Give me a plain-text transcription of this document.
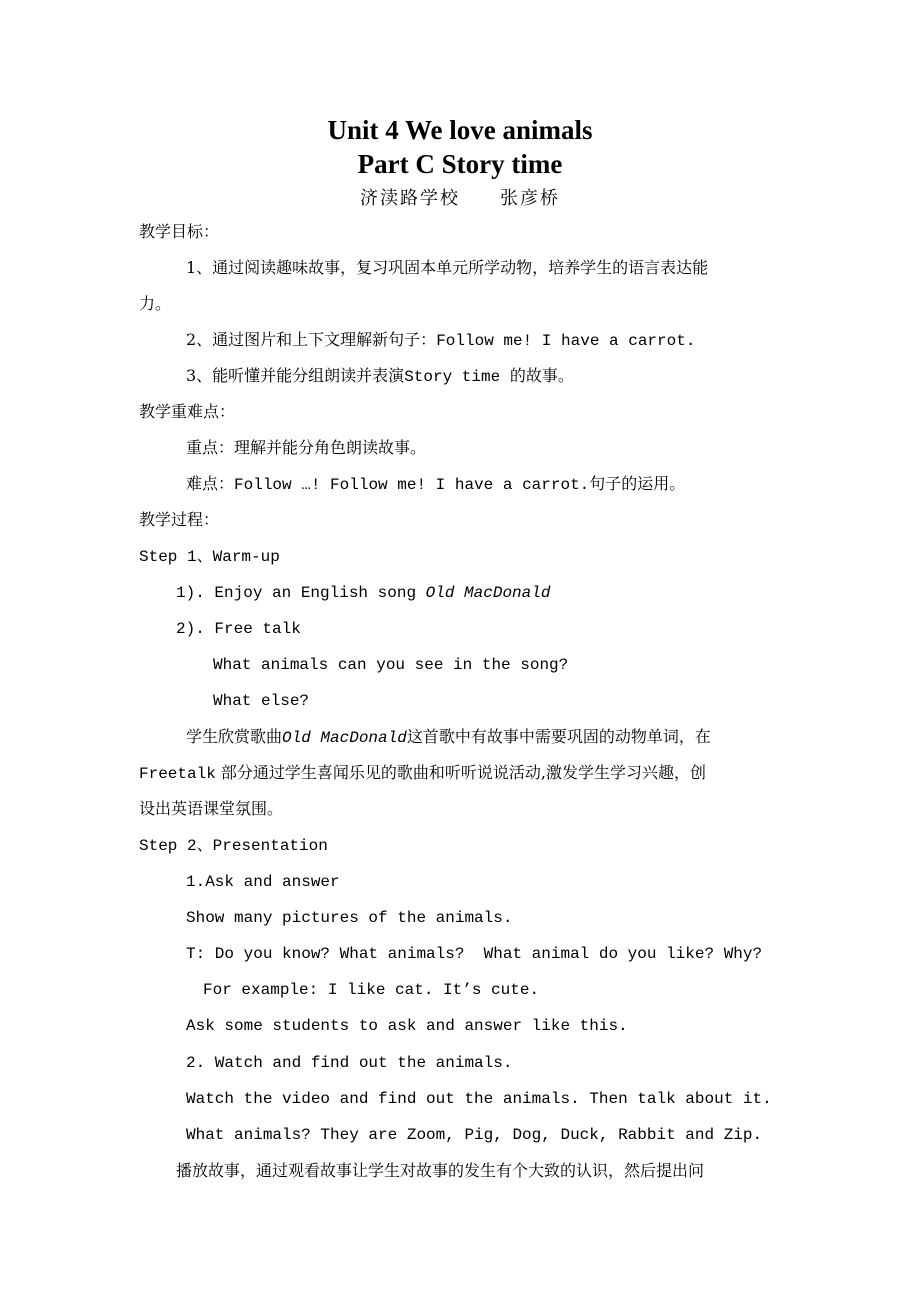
Unit 4 We love animals
Part C Story time
济渎路学校　　张彦桥
教学目标：
1、通过阅读趣味故事，复习巩固本单元所学动物，培养学生的语言表达能
力。
2、通过图片和上下文理解新句子：Follow me! I have a carrot.
3、能听懂并能分组朗读并表演Story time 的故事。
教学重难点：
重点：理解并能分角色朗读故事。
难点：Follow …! Follow me! I have a carrot.句子的运用。
教学过程：
Step 1、Warm-up
1). Enjoy an English song Old MacDonald
2). Free talk
What animals can you see in the song?
What else?
学生欣赏歌曲Old MacDonald这首歌中有故事中需要巩固的动物单词，在
Freetalk 部分通过学生喜闻乐见的歌曲和听听说说活动,激发学生学习兴趣，创
设出英语课堂氛围。
Step 2、Presentation
1.Ask and answer
Show many pictures of the animals.
T: Do you know? What animals?  What animal do you like? Why?
For example: I like cat. It’s cute.
Ask some students to ask and answer like this.
2. Watch and find out the animals.
Watch the video and find out the animals. Then talk about it.
What animals? They are Zoom, Pig, Dog, Duck, Rabbit and Zip.
播放故事，通过观看故事让学生对故事的发生有个大致的认识，然后提出问
